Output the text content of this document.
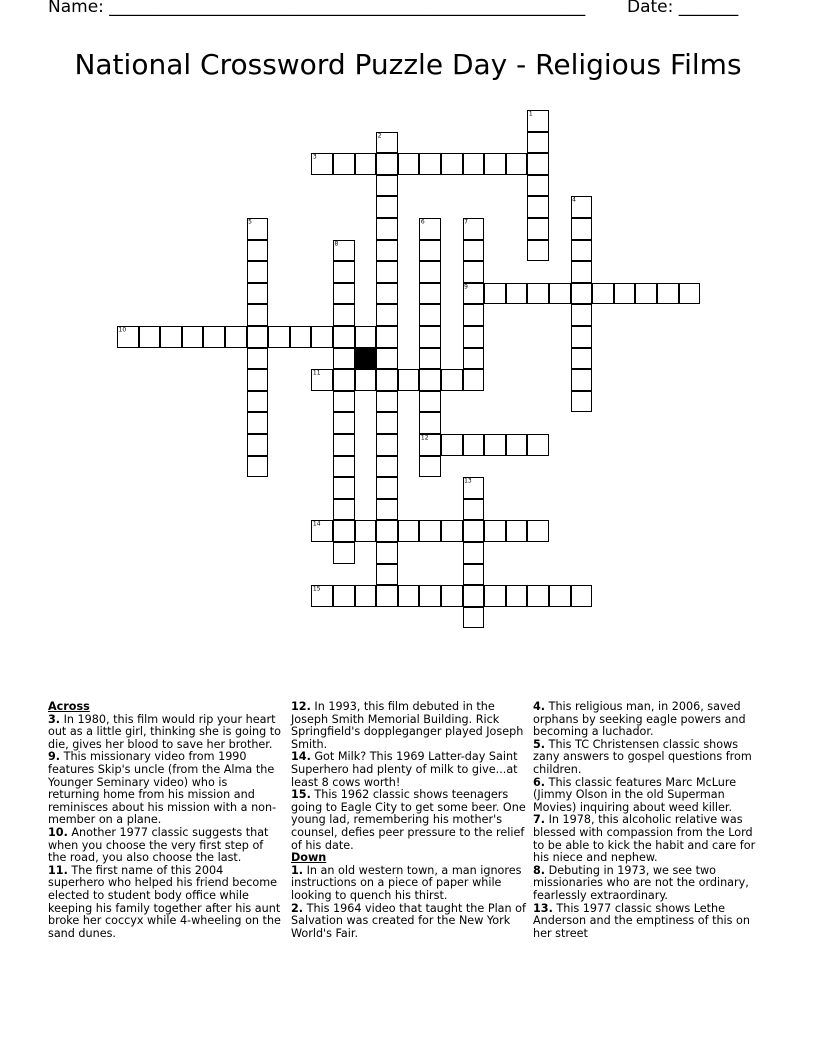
Name: ________________________________________________________ Date: _______
National Crossword Puzzle Day - Religious Films
1
2
3
4
5	6	7
8
9
10
11
12
13
14
15

Across

3. In 1980, this film would rip your heart out as a little girl, thinking she is going to die, gives her blood to save her brother.

9. This missionary video from 1990 features Skip's uncle (from the Alma the Younger Seminary video) who is returning home from his mission and reminisces about his mission with a non-member on a plane.

10. Another 1977 classic suggests that when you choose the very first step of the road, you also choose the last.

11. The first name of this 2004 superhero who helped his friend become elected to student body office while keeping his family together after his aunt broke her coccyx while 4-wheeling on the sand dunes.

12. In 1993, this film debuted in the Joseph Smith Memorial Building. Rick Springfield's doppleganger played Joseph Smith.

14. Got Milk? This 1969 Latter-day Saint Superhero had plenty of milk to give...at least 8 cows worth!

15. This 1962 classic shows teenagers going to Eagle City to get some beer. One young lad, remembering his mother's counsel, defies peer pressure to the relief of his date.

Down

1. In an old western town, a man ignores instructions on a piece of paper while looking to quench his thirst.

2. This 1964 video that taught the Plan of Salvation was created for the New York World's Fair.

4. This religious man, in 2006, saved orphans by seeking eagle powers and becoming a luchador.

5. This TC Christensen classic shows zany answers to gospel questions from children.

6. This classic features Marc McLure (Jimmy Olson in the old Superman Movies) inquiring about weed killer.

7. In 1978, this alcoholic relative was blessed with compassion from the Lord to be able to kick the habit and care for his niece and nephew.

8. Debuting in 1973, we see two missionaries who are not the ordinary, fearlessly extraordinary.

13. This 1977 classic shows Lethe Anderson and the emptiness of this on her street
